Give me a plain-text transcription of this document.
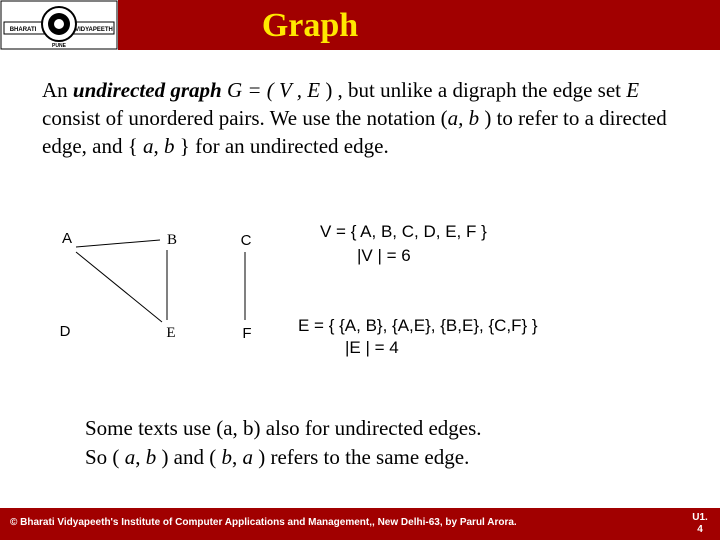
BHARATI	VIDYAPEETH
PUNE
Graph
An undirected graph G = ( V , E ) , but unlike a digraph the edge set E consist of unordered pairs. We use the notation (a, b ) to refer to a directed edge, and { a, b } for an undirected edge.
A	B	C
D	E	F
V = { A, B, C, D, E, F }
|V | = 6
E = { {A, B}, {A,E}, {B,E}, {C,F} }
|E | = 4
Some texts use (a, b) also for undirected edges.
So ( a, b ) and ( b, a ) refers to the same edge.
© Bharati Vidyapeeth's Institute of Computer Applications and Management,, New Delhi-63, by Parul Arora.	U1.
4
